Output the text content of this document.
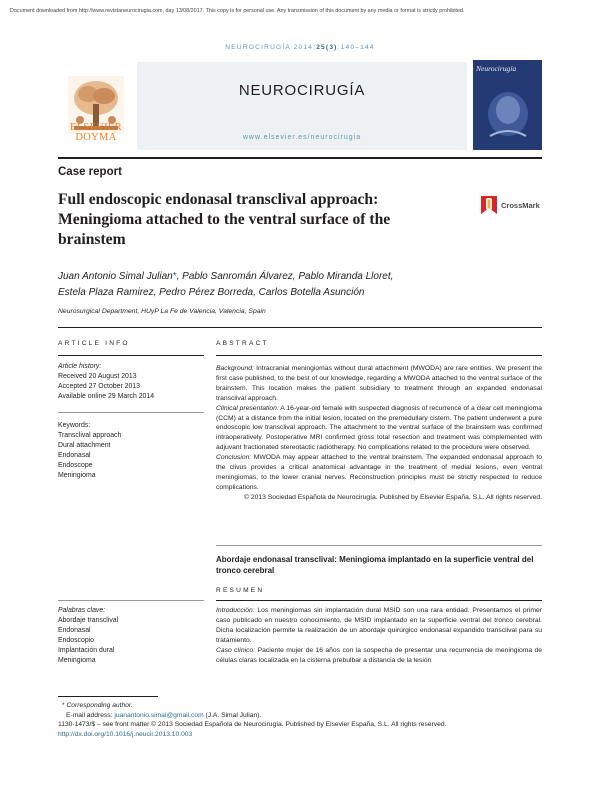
Document downloaded from http://www.revistaneurocirugia.com, day 13/08/2017. This copy is for personal use. Any transmission of this document by any media or format is strictly prohibited.
NEUROCIRUGÍA 2014;25(3):140–144
ELSEVIER
DOYMA
NEUROCIRUGÍA
www.elsevier.es/neurocirugia
Neurocirugía
Case report
Full endoscopic endonasal transclival approach: Meningioma attached to the ventral surface of the brainstem
CrossMark
Juan Antonio Simal Julian*, Pablo Sanromán Álvarez, Pablo Miranda Lloret,
Estela Plaza Ramirez, Pedro Pérez Borreda, Carlos Botella Asunción
Neurosurgical Department, HUyP La Fe de Valencia, Valencia, Spain
ARTICLE INFO
Article history:
Received 20 August 2013
Accepted 27 October 2013
Available online 29 March 2014
Keywords:
Transclival approach
Dural attachment
Endonasal
Endoscope
Meningioma
ABSTRACT

Background: Intracranial meningiomas without dural attachment (MWODA) are rare entities. We present the first case published, to the best of our knowledge, regarding a MWODA attached to the ventral surface of the brainstem. This location makes the patient subsidiary to treatment through an expanded endonasal transclival approach.

Clinical presentation: A 16-year-old female with suspected diagnosis of recurrence of a clear cell meningioma (CCM) at a distance from the initial lesion, located on the premedullary cistern. The patient underwent a pure endoscopic low transclival approach. The attachment to the ventral surface of the brainstem was confirmed intraoperatively. Postoperative MRI confirmed gross total resection and treatment was complemented with adjuvant fractionated stereotactic radiotherapy. No complications related to the procedure were observed.

Conclusion: MWODA may appear attached to the ventral brainstem. The expanded endonasal approach to the clivus provides a critical anatomical advantage in the treatment of medial lesions, even ventral meningiomas, to the lower cranial nerves. Reconstruction principles must be strictly respected to reduce complications.

© 2013 Sociedad Española de Neurocirugía. Published by Elsevier España, S.L. All rights reserved.

Abordaje endonasal transclival: Meningioma implantado en la superficie ventral del tronco cerebral
RESUMEN
Palabras clave:
Abordaje transclival
Endonasal
Endoscopio
Implantación dural
Meningioma

Introducción: Los meningiomas sin implantación dural MSID son una rara entidad. Presentamos el primer caso publicado en nuestro conocimiento, de MSID implantado en la superficie ventral del tronco cerebral. Dicha localización permite la realización de un abordaje quirúrgico endonasal expandido transclival para su tratamiento.

Caso clínico: Paciente mujer de 16 años con la sospecha de presentar una recurrencia de meningioma de células claras localizada en la cisterna prebulbar a distancia de la lesión

* Corresponding author.
E-mail address: juanantonio.simal@gmail.com (J.A. Simal Julian).
1130-1473/$ – see front matter © 2013 Sociedad Española de Neurocirugía. Published by Elsevier España, S.L. All rights reserved.
http://dx.doi.org/10.1016/j.neucir.2013.10.003
